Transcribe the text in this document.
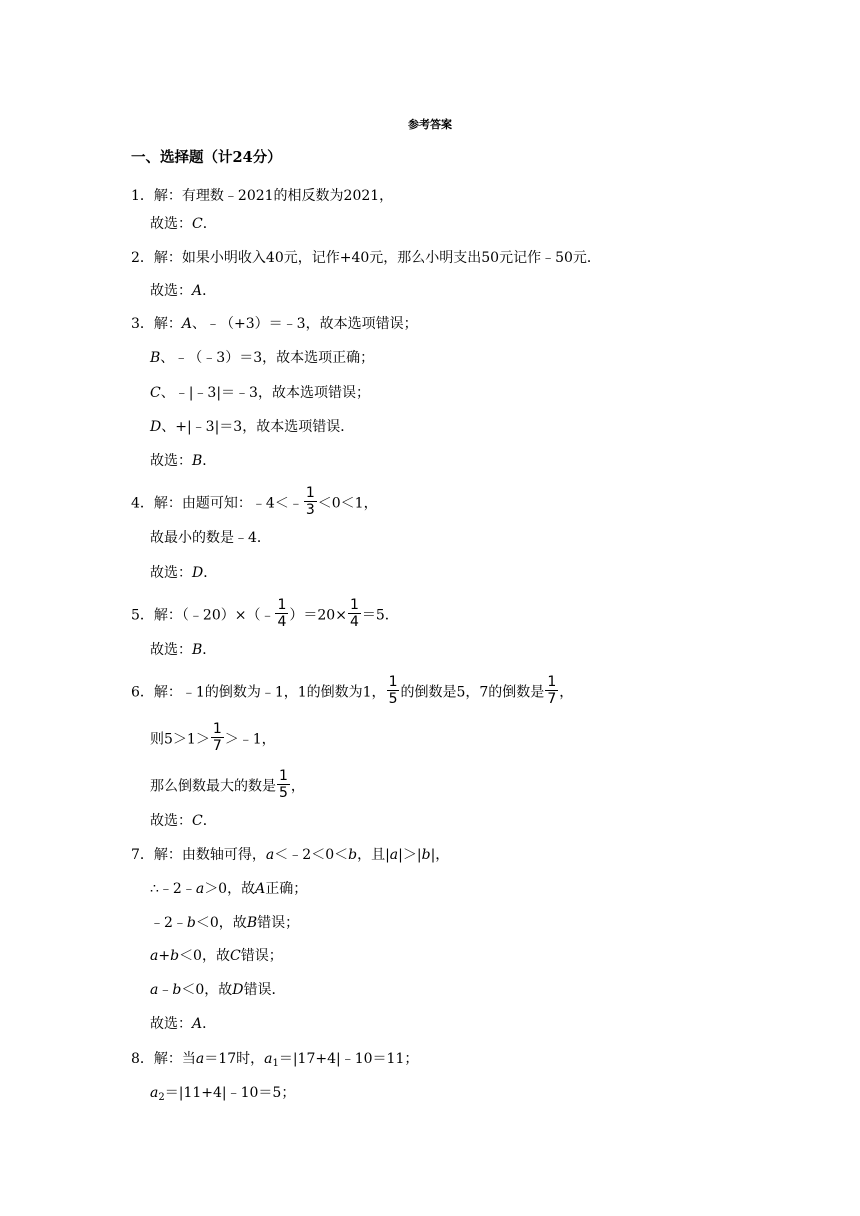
参考答案
一、选择题（计24分）
1．解：有理数﹣2021的相反数为2021，
故选：C．
2．解：如果小明收入40元，记作+40元，那么小明支出50元记作﹣50元．
故选：A．
3．解：A、﹣（+3）＝﹣3，故本选项错误；
B、﹣（﹣3）＝3，故本选项正确；
C、﹣|﹣3|＝﹣3，故本选项错误；
D、+|﹣3|＝3，故本选项错误．
故选：B．
4．解：由题可知：﹣4＜﹣ $\frac{1}{3} <0<1$，
故最小的数是﹣4．
故选：D．
5．解：（﹣20）×（﹣ $\frac{1}{4} )=20\times \frac{1}{4} =5$．
故选：B．
6．解：﹣1的倒数为﹣1，1的倒数为1， $\frac{1}{5}$ 的倒数是5，7的倒数是 $\frac{1}{7}$ ，
则$5>1> \frac{1}{7}$ ＞﹣1，
那么倒数最大的数是 $\frac{1}{5}$ ，
故选：C．
7．解：由数轴可得，a＜﹣2＜0＜b，且|a|＞|b|，
∴﹣2﹣a＞0，故A正确；
﹣2﹣b＜0，故B错误；
a+b＜0，故C错误；
a﹣b＜0，故D错误．
故选：A．
8．解：当a＝17时，$a_1=|17+4|﹣10=11$；
$a_2=|11+4|﹣10=5$；
